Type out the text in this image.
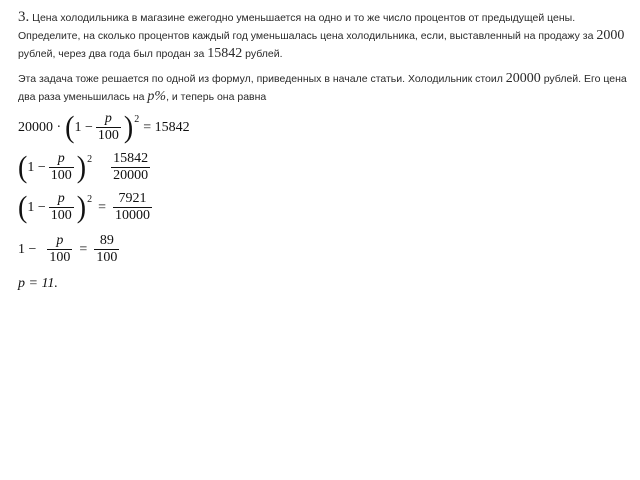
3. Цена холодильника в магазине ежегодно уменьшается на одно и то же число процентов от предыдущей цены. Определите, на сколько процентов каждый год уменьшалась цена холодильника, если, выставленный на продажу за 2000 рублей, через два года был продан за 15842 рублей.
Эта задача тоже решается по одной из формул, приведенных в начале статьи. Холодильник стоил 20000 рублей. Его цена два раза уменьшилась на p%, и теперь она равна
20000 · ( $1 - \frac{p}{100}$ ) 2 = 15842
( $1 - \frac{p}{100}$ ) $2 \frac{15842}{20000}$
( $1 - \frac{p}{100}$ ) $2 = \frac{7921}{10000}$
$1 - \frac{p}{100} = \frac{89}{100}$
p = 11.
